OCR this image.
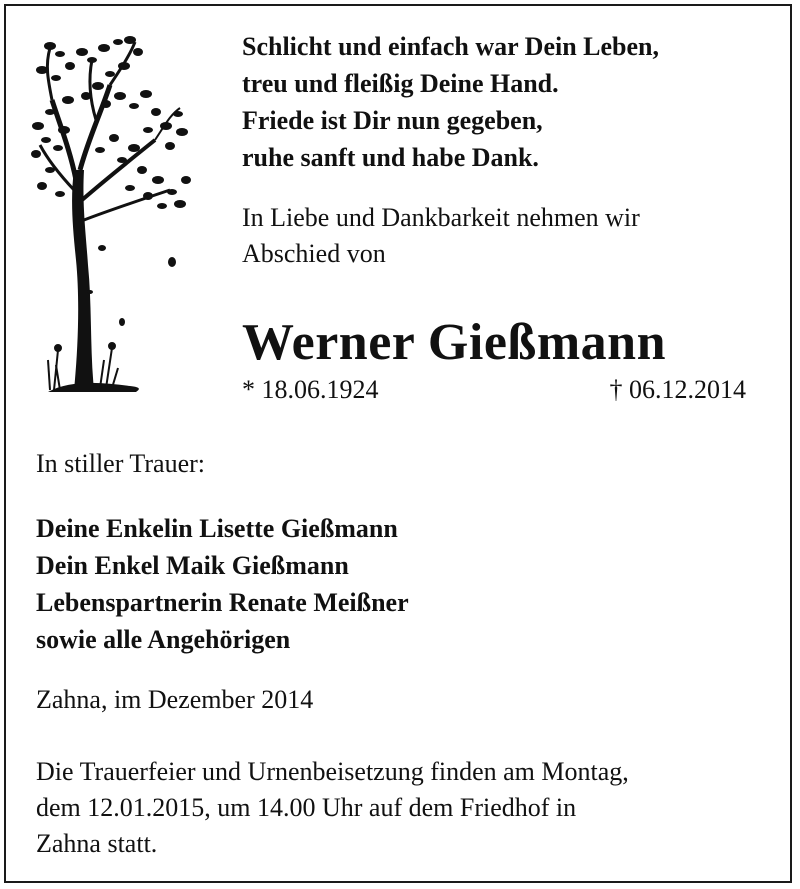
Schlicht und einfach war Dein Leben,
treu und fleißig Deine Hand.
Friede ist Dir nun gegeben,
ruhe sanft und habe Dank.
In Liebe und Dankbarkeit nehmen wir
Abschied von
Werner Gießmann
* 18.06.1924	† 06.12.2014
In stiller Trauer:
Deine Enkelin Lisette Gießmann
Dein Enkel Maik Gießmann
Lebenspartnerin Renate Meißner
sowie alle Angehörigen
Zahna, im Dezember 2014
Die Trauerfeier und Urnenbeisetzung finden am Montag,
dem 12.01.2015, um 14.00 Uhr auf dem Friedhof in
Zahna statt.
